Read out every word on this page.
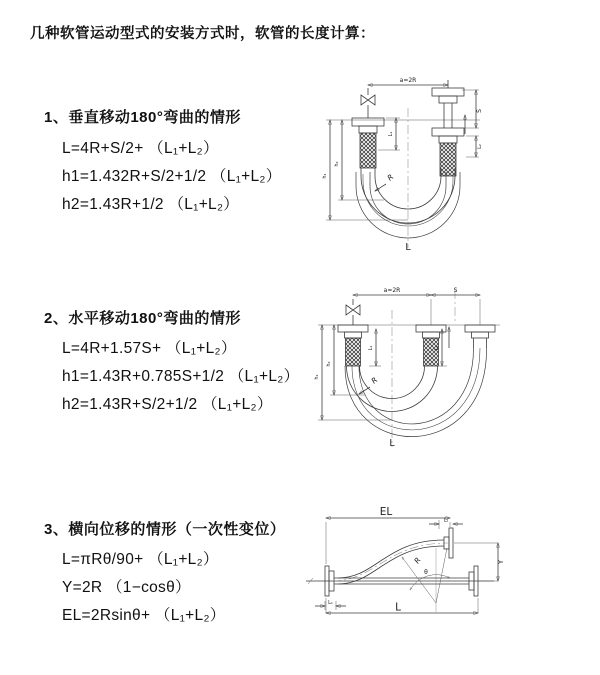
几种软管运动型式的安装方式时，软管的长度计算：
1、垂直移动180°弯曲的情形
L=4R+S/2+ （L₁+L₂）
h1=1.432R+S/2+1/2 （L₁+L₂）
h2=1.43R+1/2 （L₁+L₂）
2、水平移动180°弯曲的情形
L=4R+1.57S+ （L₁+L₂）
h1=1.43R+0.785S+1/2 （L₁+L₂）
h2=1.43R+S/2+1/2 （L₁+L₂）
3、横向位移的情形（一次性变位）
L=πRθ/90+ （L₁+L₂）
Y=2R （1−cosθ）
EL=2Rsinθ+ （L₁+L₂）
a=2R
S
L₂
L₁
h₁
h₂
R
L
a=2R	S
L₁	L₂
h₁
h₂
R
L
EL
L₂
Y
θ
R
L
L₁
